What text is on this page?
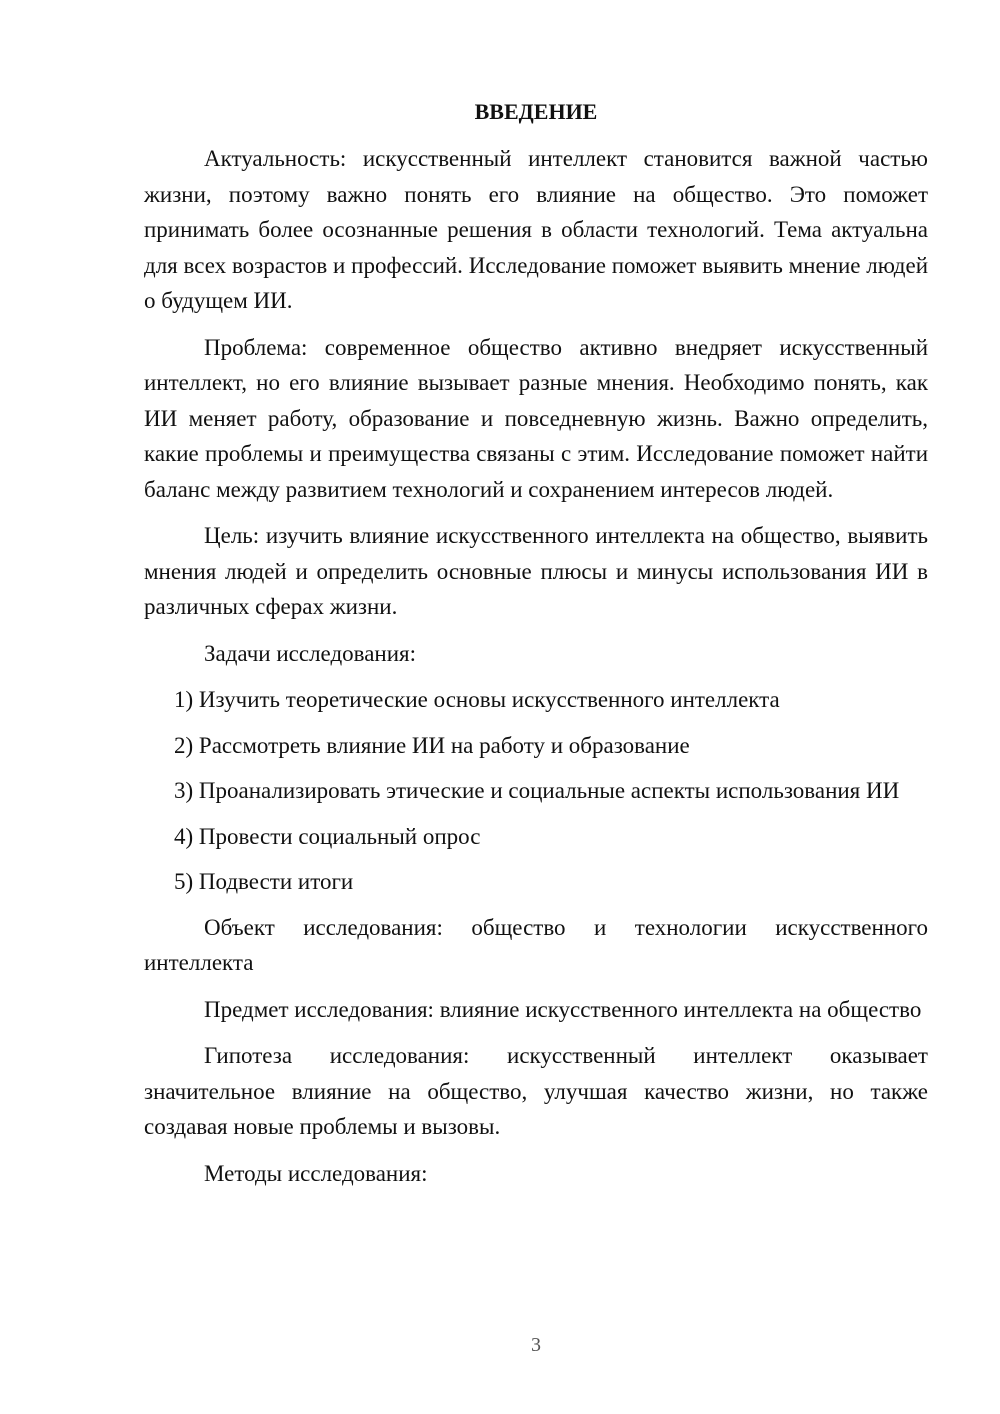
ВВЕДЕНИЕ

Актуальность: искусственный интеллект становится важной частью жизни, поэтому важно понять его влияние на общество. Это поможет принимать более осознанные решения в области технологий. Тема актуальна для всех возрастов и профессий. Исследование поможет выявить мнение людей о будущем ИИ.

Проблема: современное общество активно внедряет искусственный интеллект, но его влияние вызывает разные мнения. Необходимо понять, как ИИ меняет работу, образование и повседневную жизнь. Важно определить, какие проблемы и преимущества связаны с этим. Исследование поможет найти баланс между развитием технологий и сохранением интересов людей.

Цель: изучить влияние искусственного интеллекта на общество, выявить мнения людей и определить основные плюсы и минусы использования ИИ в различных сферах жизни.

Задачи исследования:

1) Изучить теоретические основы искусственного интеллекта

2) Рассмотреть влияние ИИ на работу и образование

3) Проанализировать этические и социальные аспекты использования ИИ

4) Провести социальный опрос

5) Подвести итоги

Объект исследования: общество и технологии искусственного интеллекта

Предмет исследования: влияние искусственного интеллекта на общество

Гипотеза исследования: искусственный интеллект оказывает значительное влияние на общество, улучшая качество жизни, но также создавая новые проблемы и вызовы.

Методы исследования:

3
